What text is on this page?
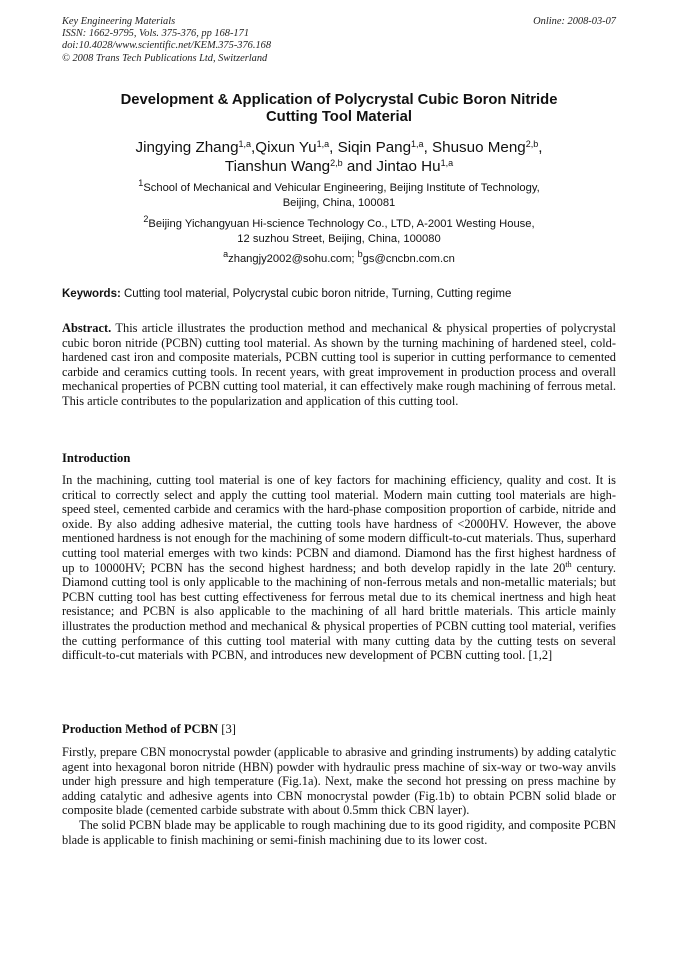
Key Engineering Materials
ISSN: 1662-9795, Vols. 375-376, pp 168-171
doi:10.4028/www.scientific.net/KEM.375-376.168
© 2008 Trans Tech Publications Ltd, Switzerland
Online: 2008-03-07
Development & Application of Polycrystal Cubic Boron Nitride
Cutting Tool Material
Jingying Zhang$^{1,a}$,Qixun Yu$^{1,a}$, Siqin Pang$^{1,a}$, Shusuo Meng$^{2,b}$,
Tianshun Wang$^{2,b}$ and Jintao Hu$^{1,a}$
$^1$School of Mechanical and Vehicular Engineering, Beijing Institute of Technology,
Beijing, China, 100081
$^2$Beijing Yichangyuan Hi-science Technology Co., LTD, A-2001 Westing House,
12 suzhou Street, Beijing, China, 100080
$^a$zhangjy2002@sohu.com; $^b$gs@cncbn.com.cn
Keywords: Cutting tool material, Polycrystal cubic boron nitride, Turning, Cutting regime

Abstract. This article illustrates the production method and mechanical & physical properties of polycrystal cubic boron nitride (PCBN) cutting tool material. As shown by the turning machining of hardened steel, cold-hardened cast iron and composite materials, PCBN cutting tool is superior in cutting performance to cemented carbide and ceramics cutting tools. In recent years, with great improvement in production process and overall mechanical properties of PCBN cutting tool material, it can effectively make rough machining of ferrous metal. This article contributes to the popularization and application of this cutting tool.

Introduction

In the machining, cutting tool material is one of key factors for machining efficiency, quality and cost. It is critical to correctly select and apply the cutting tool material. Modern main cutting tool materials are high-speed steel, cemented carbide and ceramics with the hard-phase composition proportion of carbide, nitride and oxide. By also adding adhesive material, the cutting tools have hardness of <2000HV. However, the above mentioned hardness is not enough for the machining of some modern difficult-to-cut materials. Thus, superhard cutting tool material emerges with two kinds: PCBN and diamond. Diamond has the first highest hardness of up to 10000HV; PCBN has the second highest hardness; and both develop rapidly in the late 20th century. Diamond cutting tool is only applicable to the machining of non-ferrous metals and non-metallic materials; but PCBN cutting tool has best cutting effectiveness for ferrous metal due to its chemical inertness and high heat resistance; and PCBN is also applicable to the machining of all hard brittle materials. This article mainly illustrates the production method and mechanical & physical properties of PCBN cutting tool material, verifies the cutting performance of this cutting tool material with many cutting data by the cutting tests on several difficult-to-cut materials with PCBN, and introduces new development of PCBN cutting tool. [1,2]

Production Method of PCBN [3]

Firstly, prepare CBN monocrystal powder (applicable to abrasive and grinding instruments) by adding catalytic agent into hexagonal boron nitride (HBN) powder with hydraulic press machine of six-way or two-way anvils under high pressure and high temperature (Fig.1a). Next, make the second hot pressing on press machine by adding catalytic and adhesive agents into CBN monocrystal powder (Fig.1b) to obtain PCBN solid blade or composite blade (cemented carbide substrate with about 0.5mm thick CBN layer).

The solid PCBN blade may be applicable to rough machining due to its good rigidity, and composite PCBN blade is applicable to finish machining or semi-finish machining due to its lower cost.
